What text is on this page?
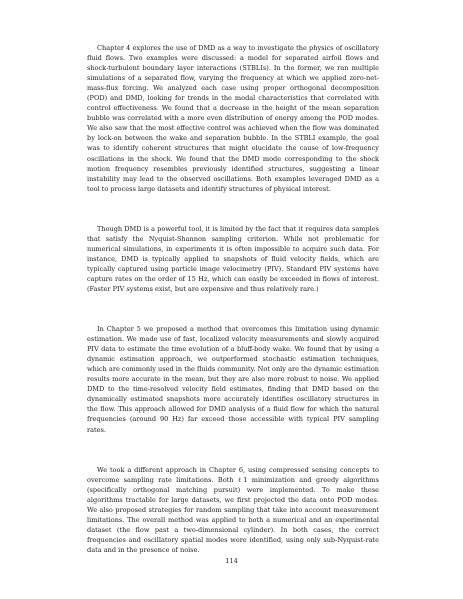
Chapter 4 explores the use of DMD as a way to investigate the physics of oscillatory fluid flows. Two examples were discussed: a model for separated airfoil flows and shock-turbulent boundary layer interactions (STBLIs). In the former, we ran multiple simulations of a separated flow, varying the frequency at which we applied zero-net-mass-flux forcing. We analyzed each case using proper orthogonal decomposition (POD) and DMD, looking for trends in the modal characteristics that correlated with control effectiveness. We found that a decrease in the height of the mean separation bubble was correlated with a more even distribution of energy among the POD modes. We also saw that the most effective control was achieved when the flow was dominated by lock-on between the wake and separation bubble. In the STBLI example, the goal was to identify coherent structures that might elucidate the cause of low-frequency oscillations in the shock. We found that the DMD mode corresponding to the shock motion frequency resembles previously identified structures, suggesting a linear instability may lead to the observed oscillations. Both examples leveraged DMD as a tool to process large datasets and identify structures of physical interest.

Though DMD is a powerful tool, it is limited by the fact that it requires data samples that satisfy the Nyquist-Shannon sampling criterion. While not problematic for numerical simulations, in experiments it is often impossible to acquire such data. For instance, DMD is typically applied to snapshots of fluid velocity fields, which are typically captured using particle image velocimetry (PIV). Standard PIV systems have capture rates on the order of 15 Hz, which can easily be exceeded in flows of interest. (Faster PIV systems exist, but are expensive and thus relatively rare.)

In Chapter 5 we proposed a method that overcomes this limitation using dynamic estimation. We made use of fast, localized velocity measurements and slowly acquired PIV data to estimate the time evolution of a bluff-body wake. We found that by using a dynamic estimation approach, we outperformed stochastic estimation techniques, which are commonly used in the fluids community. Not only are the dynamic estimation results more accurate in the mean, but they are also more robust to noise. We applied DMD to the time-resolved velocity field estimates, finding that DMD based on the dynamically estimated snapshots more accurately identifies oscillatory structures in the flow. This approach allowed for DMD analysis of a fluid flow for which the natural frequencies (around 90 Hz) far exceed those accessible with typical PIV sampling rates.

We took a different approach in Chapter 6, using compressed sensing concepts to overcome sampling rate limitations. Both ℓ1 minimization and greedy algorithms (specifically orthogonal matching pursuit) were implemented. To make these algorithms tractable for large datasets, we first projected the data onto POD modes. We also proposed strategies for random sampling that take into account measurement limitations. The overall method was applied to both a numerical and an experimental dataset (the flow past a two-dimensional cylinder). In both cases, the correct frequencies and oscillatory spatial modes were identified, using only sub-Nyquist-rate data and in the presence of noise.

114
